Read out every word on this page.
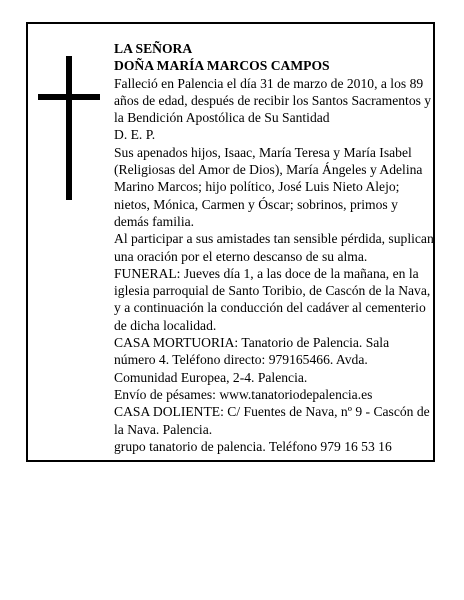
LA SEÑORA

DOÑA MARÍA MARCOS CAMPOS

Falleció en Palencia el día 31 de marzo de 2010, a los 89 años de edad, después de recibir los Santos Sacramentos y la Bendición Apostólica de Su Santidad

D. E. P.

Sus apenados hijos, Isaac, María Teresa y María Isabel (Religiosas del Amor de Dios), María Ángeles y Adelina Marino Marcos; hijo político, José Luis Nieto Alejo; nietos, Mónica, Carmen y Óscar; sobrinos, primos y demás familia.

Al participar a sus amistades tan sensible pérdida, suplican una oración por el eterno descanso de su alma.

FUNERAL: Jueves día 1, a las doce de la mañana, en la iglesia parroquial de Santo Toribio, de Cascón de la Nava, y a continuación la conducción del cadáver al cementerio de dicha localidad.

CASA MORTUORIA: Tanatorio de Palencia. Sala número 4. Teléfono directo: 979165466. Avda. Comunidad Europea, 2-4. Palencia.

Envío de pésames: www.tanatoriodepalencia.es

CASA DOLIENTE: C/ Fuentes de Nava, nº 9 - Cascón de la Nava. Palencia.

grupo tanatorio de palencia. Teléfono 979 16 53 16
